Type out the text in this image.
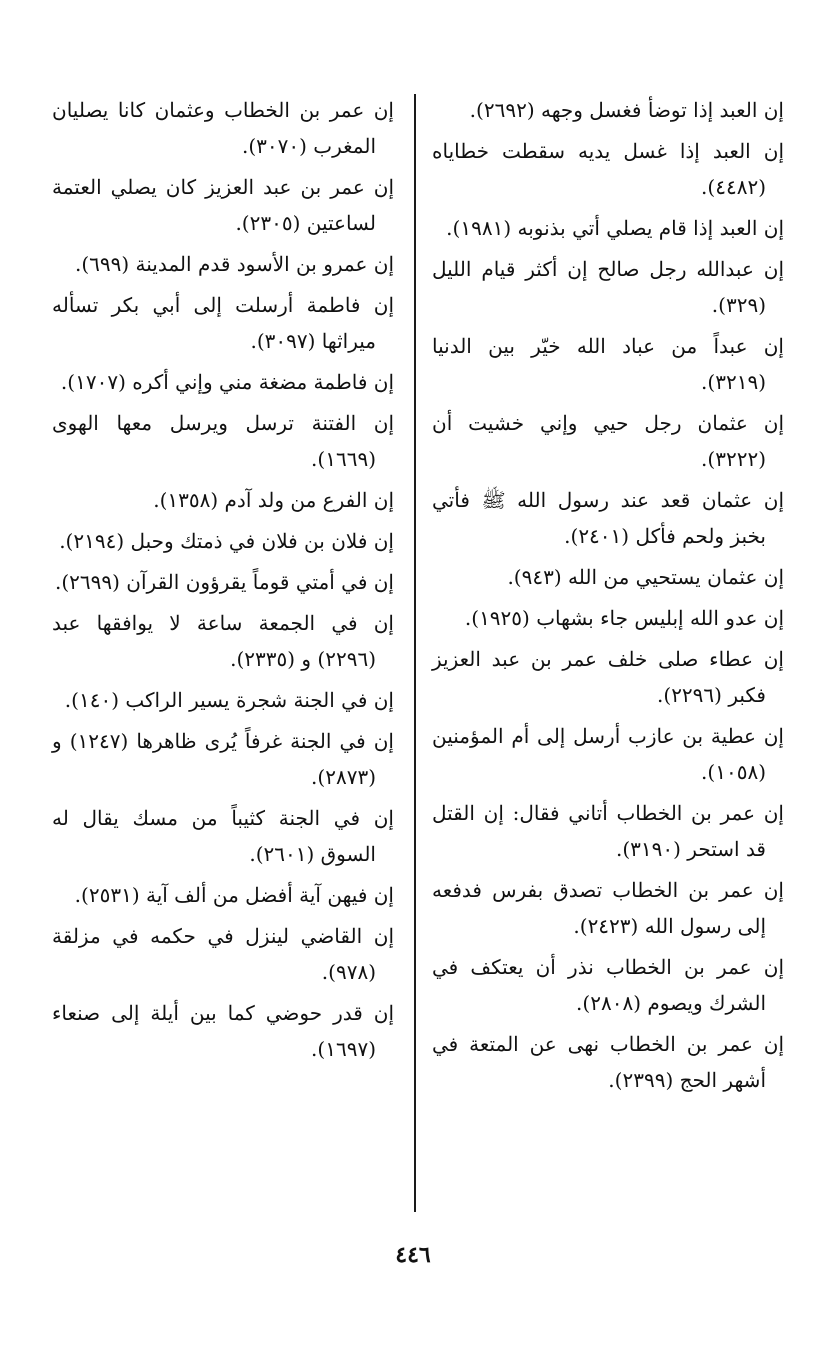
إن العبد إذا توضأ فغسل وجهه (٢٦٩٢).

إن العبد إذا غسل يديه سقطت خطاياه (٤٤٨٢).

إن العبد إذا قام يصلي أتي بذنوبه (١٩٨١).

إن عبدالله رجل صالح إن أكثر قيام الليل (٣٢٩).

إن عبداً من عباد الله خيّر بين الدنيا (٣٢١٩).

إن عثمان رجل حيي وإني خشيت أن (٣٢٢٢).

إن عثمان قعد عند رسول الله ﷺ فأتي بخبز ولحم فأكل (٢٤٠١).

إن عثمان يستحيي من الله (٩٤٣).

إن عدو الله إبليس جاء بشهاب (١٩٢٥).

إن عطاء صلى خلف عمر بن عبد العزيز فكبر (٢٢٩٦).

إن عطية بن عازب أرسل إلى أم المؤمنين (١٠٥٨).

إن عمر بن الخطاب أتاني فقال: إن القتل قد استحر (٣١٩٠).

إن عمر بن الخطاب تصدق بفرس فدفعه إلى رسول الله (٢٤٢٣).

إن عمر بن الخطاب نذر أن يعتكف في الشرك ويصوم (٢٨٠٨).

إن عمر بن الخطاب نهى عن المتعة في أشهر الحج (٢٣٩٩).

إن عمر بن الخطاب وعثمان كانا يصليان المغرب (٣٠٧٠).

إن عمر بن عبد العزيز كان يصلي العتمة لساعتين (٢٣٠٥).

إن عمرو بن الأسود قدم المدينة (٦٩٩).

إن فاطمة أرسلت إلى أبي بكر تسأله ميراثها (٣٠٩٧).

إن فاطمة مضغة مني وإني أكره (١٧٠٧).

إن الفتنة ترسل ويرسل معها الهوى (١٦٦٩).

إن الفرع من ولد آدم (١٣٥٨).

إن فلان بن فلان في ذمتك وحبل (٢١٩٤).

إن في أمتي قوماً يقرؤون القرآن (٢٦٩٩).

إن في الجمعة ساعة لا يوافقها عبد (٢٢٩٦) و (٢٣٣٥).

إن في الجنة شجرة يسير الراكب (١٤٠).

إن في الجنة غرفاً يُرى ظاهرها (١٢٤٧) و (٢٨٧٣).

إن في الجنة كثيباً من مسك يقال له السوق (٢٦٠١).

إن فيهن آية أفضل من ألف آية (٢٥٣١).

إن القاضي لينزل في حكمه في مزلقة (٩٧٨).

إن قدر حوضي كما بين أيلة إلى صنعاء (١٦٩٧).

٤٤٦
